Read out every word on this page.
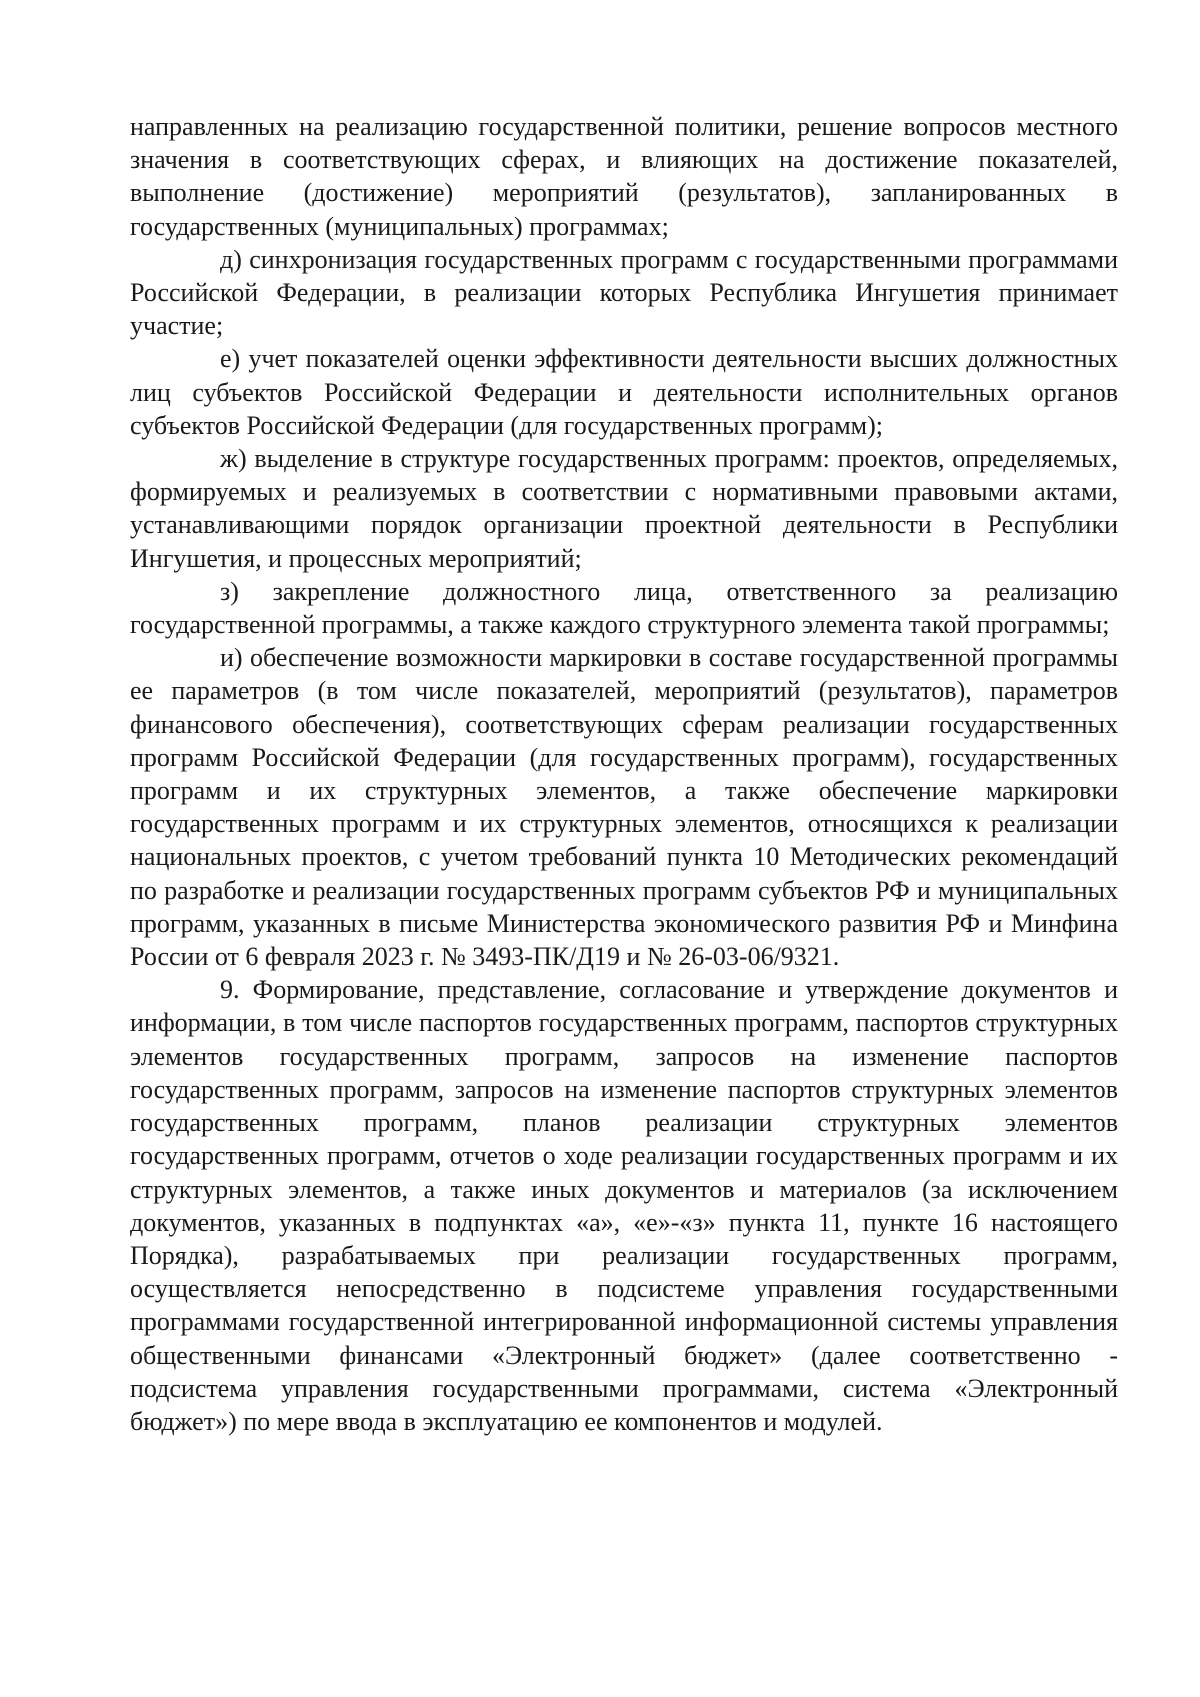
направленных на реализацию государственной политики, решение вопросов местного значения в соответствующих сферах, и влияющих на достижение показателей, выполнение (достижение) мероприятий (результатов), запланированных в государственных (муниципальных) программах;

д) синхронизация государственных программ с государственными программами Российской Федерации, в реализации которых Республика Ингушетия принимает участие;

е) учет показателей оценки эффективности деятельности высших должностных лиц субъектов Российской Федерации и деятельности исполнительных органов субъектов Российской Федерации (для государственных программ);

ж) выделение в структуре государственных программ: проектов, определяемых, формируемых и реализуемых в соответствии с нормативными правовыми актами, устанавливающими порядок организации проектной деятельности в Республики Ингушетия, и процессных мероприятий;

з) закрепление должностного лица, ответственного за реализацию государственной программы, а также каждого структурного элемента такой программы;

и) обеспечение возможности маркировки в составе государственной программы ее параметров (в том числе показателей, мероприятий (результатов), параметров финансового обеспечения), соответствующих сферам реализации государственных программ Российской Федерации (для государственных программ), государственных программ и их структурных элементов, а также обеспечение маркировки государственных программ и их структурных элементов, относящихся к реализации национальных проектов, с учетом требований пункта 10 Методических рекомендаций по разработке и реализации государственных программ субъектов РФ и муниципальных программ, указанных в письме Министерства экономического развития РФ и Минфина России от 6 февраля 2023 г. № 3493-ПК/Д19 и № 26-03-06/9321.

9. Формирование, представление, согласование и утверждение документов и информации, в том числе паспортов государственных программ, паспортов структурных элементов государственных программ, запросов на изменение паспортов государственных программ, запросов на изменение паспортов структурных элементов государственных программ, планов реализации структурных элементов государственных программ, отчетов о ходе реализации государственных программ и их структурных элементов, а также иных документов и материалов (за исключением документов, указанных в подпунктах «а», «е»-«з» пункта 11, пункте 16 настоящего Порядка), разрабатываемых при реализации государственных программ, осуществляется непосредственно в подсистеме управления государственными программами государственной интегрированной информационной системы управления общественными финансами «Электронный бюджет» (далее соответственно - подсистема управления государственными программами, система «Электронный бюджет») по мере ввода в эксплуатацию ее компонентов и модулей.
